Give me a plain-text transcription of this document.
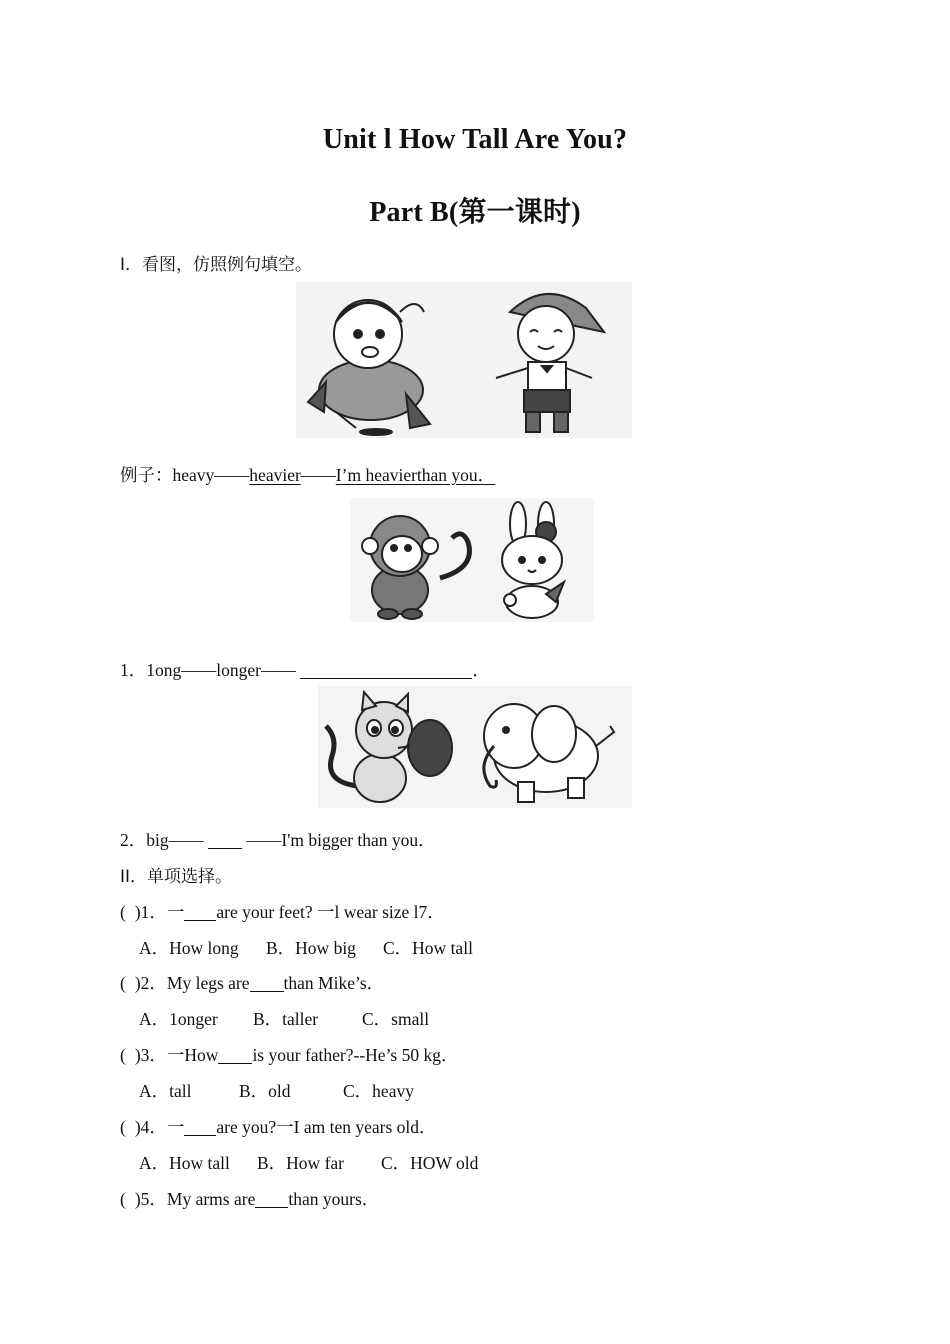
Unit l How Tall Are You?
Part B(第一课时)
I．看图，仿照例句填空。
例子：heavy——heavier——I’m heavierthan you．
1．1ong——longer——	．
2．big—— ——I'm bigger than you．
II．单项选择。
( )1．一 are your feet? 一l wear size l7．
A．How long B．How big C．How tall
( )2．My legs are than Mike’s．
A．1onger B．taller	C．small
( )3．一How is your father?--He’s 50 kg．
A．tall	B．old	C．heavy
( )4．一 are you?一I am ten years old．
A．How tall B．How far C．HOW old
( )5．My arms are than yours．
